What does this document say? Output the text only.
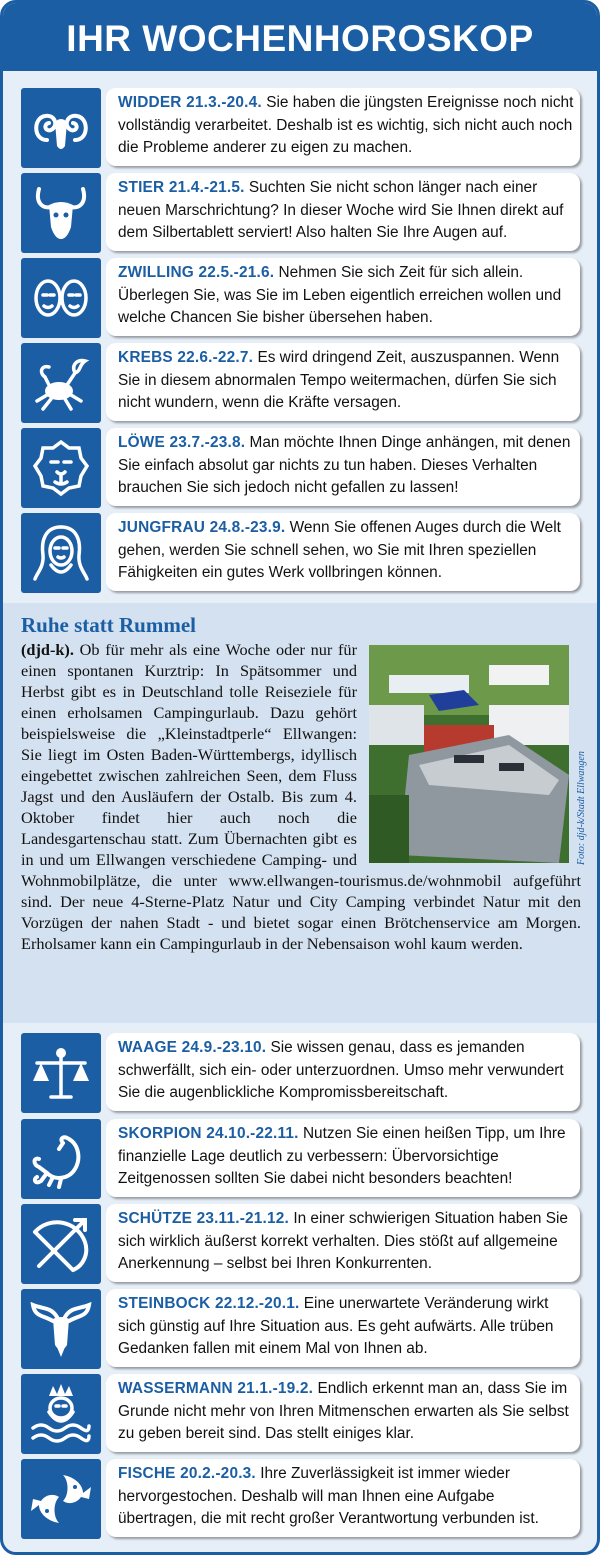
IHR WOCHENHOROSKOP
WIDDER 21.3.-20.4. Sie haben die jüngsten Ereignisse noch nicht vollständig verarbeitet. Deshalb ist es wichtig, sich nicht auch noch die Probleme anderer zu eigen zu machen.
STIER 21.4.-21.5. Suchten Sie nicht schon länger nach einer neuen Marschrichtung? In dieser Woche wird Sie Ihnen direkt auf dem Silbertablett serviert! Also halten Sie Ihre Augen auf.
ZWILLING 22.5.-21.6. Nehmen Sie sich Zeit für sich allein. Überlegen Sie, was Sie im Leben eigentlich erreichen wollen und welche Chancen Sie bisher übersehen haben.
KREBS 22.6.-22.7. Es wird dringend Zeit, auszuspannen. Wenn Sie in diesem abnormalen Tempo weitermachen, dürfen Sie sich nicht wundern, wenn die Kräfte versagen.
LÖWE 23.7.-23.8. Man möchte Ihnen Dinge anhängen, mit denen Sie einfach absolut gar nichts zu tun haben. Dieses Verhalten brauchen Sie sich jedoch nicht gefallen zu lassen!
JUNGFRAU 24.8.-23.9. Wenn Sie offenen Auges durch die Welt gehen, werden Sie schnell sehen, wo Sie mit Ihren speziellen Fähigkeiten ein gutes Werk vollbringen können.
Ruhe statt Rummel
Foto: djd-k/Stadt Ellwangen
(djd-k). Ob für mehr als eine Woche oder nur für einen spontanen Kurztrip: In Spätsommer und Herbst gibt es in Deutschland tolle Reiseziele für einen erholsamen Campingurlaub. Dazu gehört beispielsweise die „Kleinstadtperle“ Ellwangen: Sie liegt im Osten Baden-Württembergs, idyllisch eingebettet zwischen zahlreichen Seen, dem Fluss Jagst und den Ausläufern der Ostalb. Bis zum 4. Oktober findet hier auch noch die Landesgartenschau statt. Zum Übernachten gibt es in und um Ellwangen verschiedene Camping- und Wohnmobilplätze, die unter www.ellwangen-tourismus.de/wohnmobil aufgeführt sind. Der neue 4-Sterne-Platz Natur und City Camping verbindet Natur mit den Vorzügen der nahen Stadt - und bietet sogar einen Brötchenservice am Morgen. Erholsamer kann ein Campingurlaub in der Nebensaison wohl kaum werden.
WAAGE 24.9.-23.10. Sie wissen genau, dass es jemanden schwerfällt, sich ein- oder unterzuordnen. Umso mehr verwundert Sie die augenblickliche Kompromissbereitschaft.
SKORPION 24.10.-22.11. Nutzen Sie einen heißen Tipp, um Ihre finanzielle Lage deutlich zu verbessern: Übervorsichtige Zeitgenossen sollten Sie dabei nicht besonders beachten!
SCHÜTZE 23.11.-21.12. In einer schwierigen Situation haben Sie sich wirklich äußerst korrekt verhalten. Dies stößt auf allgemeine Anerkennung – selbst bei Ihren Konkurrenten.
STEINBOCK 22.12.-20.1. Eine unerwartete Veränderung wirkt sich günstig auf Ihre Situation aus. Es geht aufwärts. Alle trüben Gedanken fallen mit einem Mal von Ihnen ab.
WASSERMANN 21.1.-19.2. Endlich erkennt man an, dass Sie im Grunde nicht mehr von Ihren Mitmenschen erwarten als Sie selbst zu geben bereit sind. Das stellt einiges klar.
FISCHE 20.2.-20.3. Ihre Zuverlässigkeit ist immer wieder hervorgestochen. Deshalb will man Ihnen eine Aufgabe übertragen, die mit recht großer Verantwortung verbunden ist.
